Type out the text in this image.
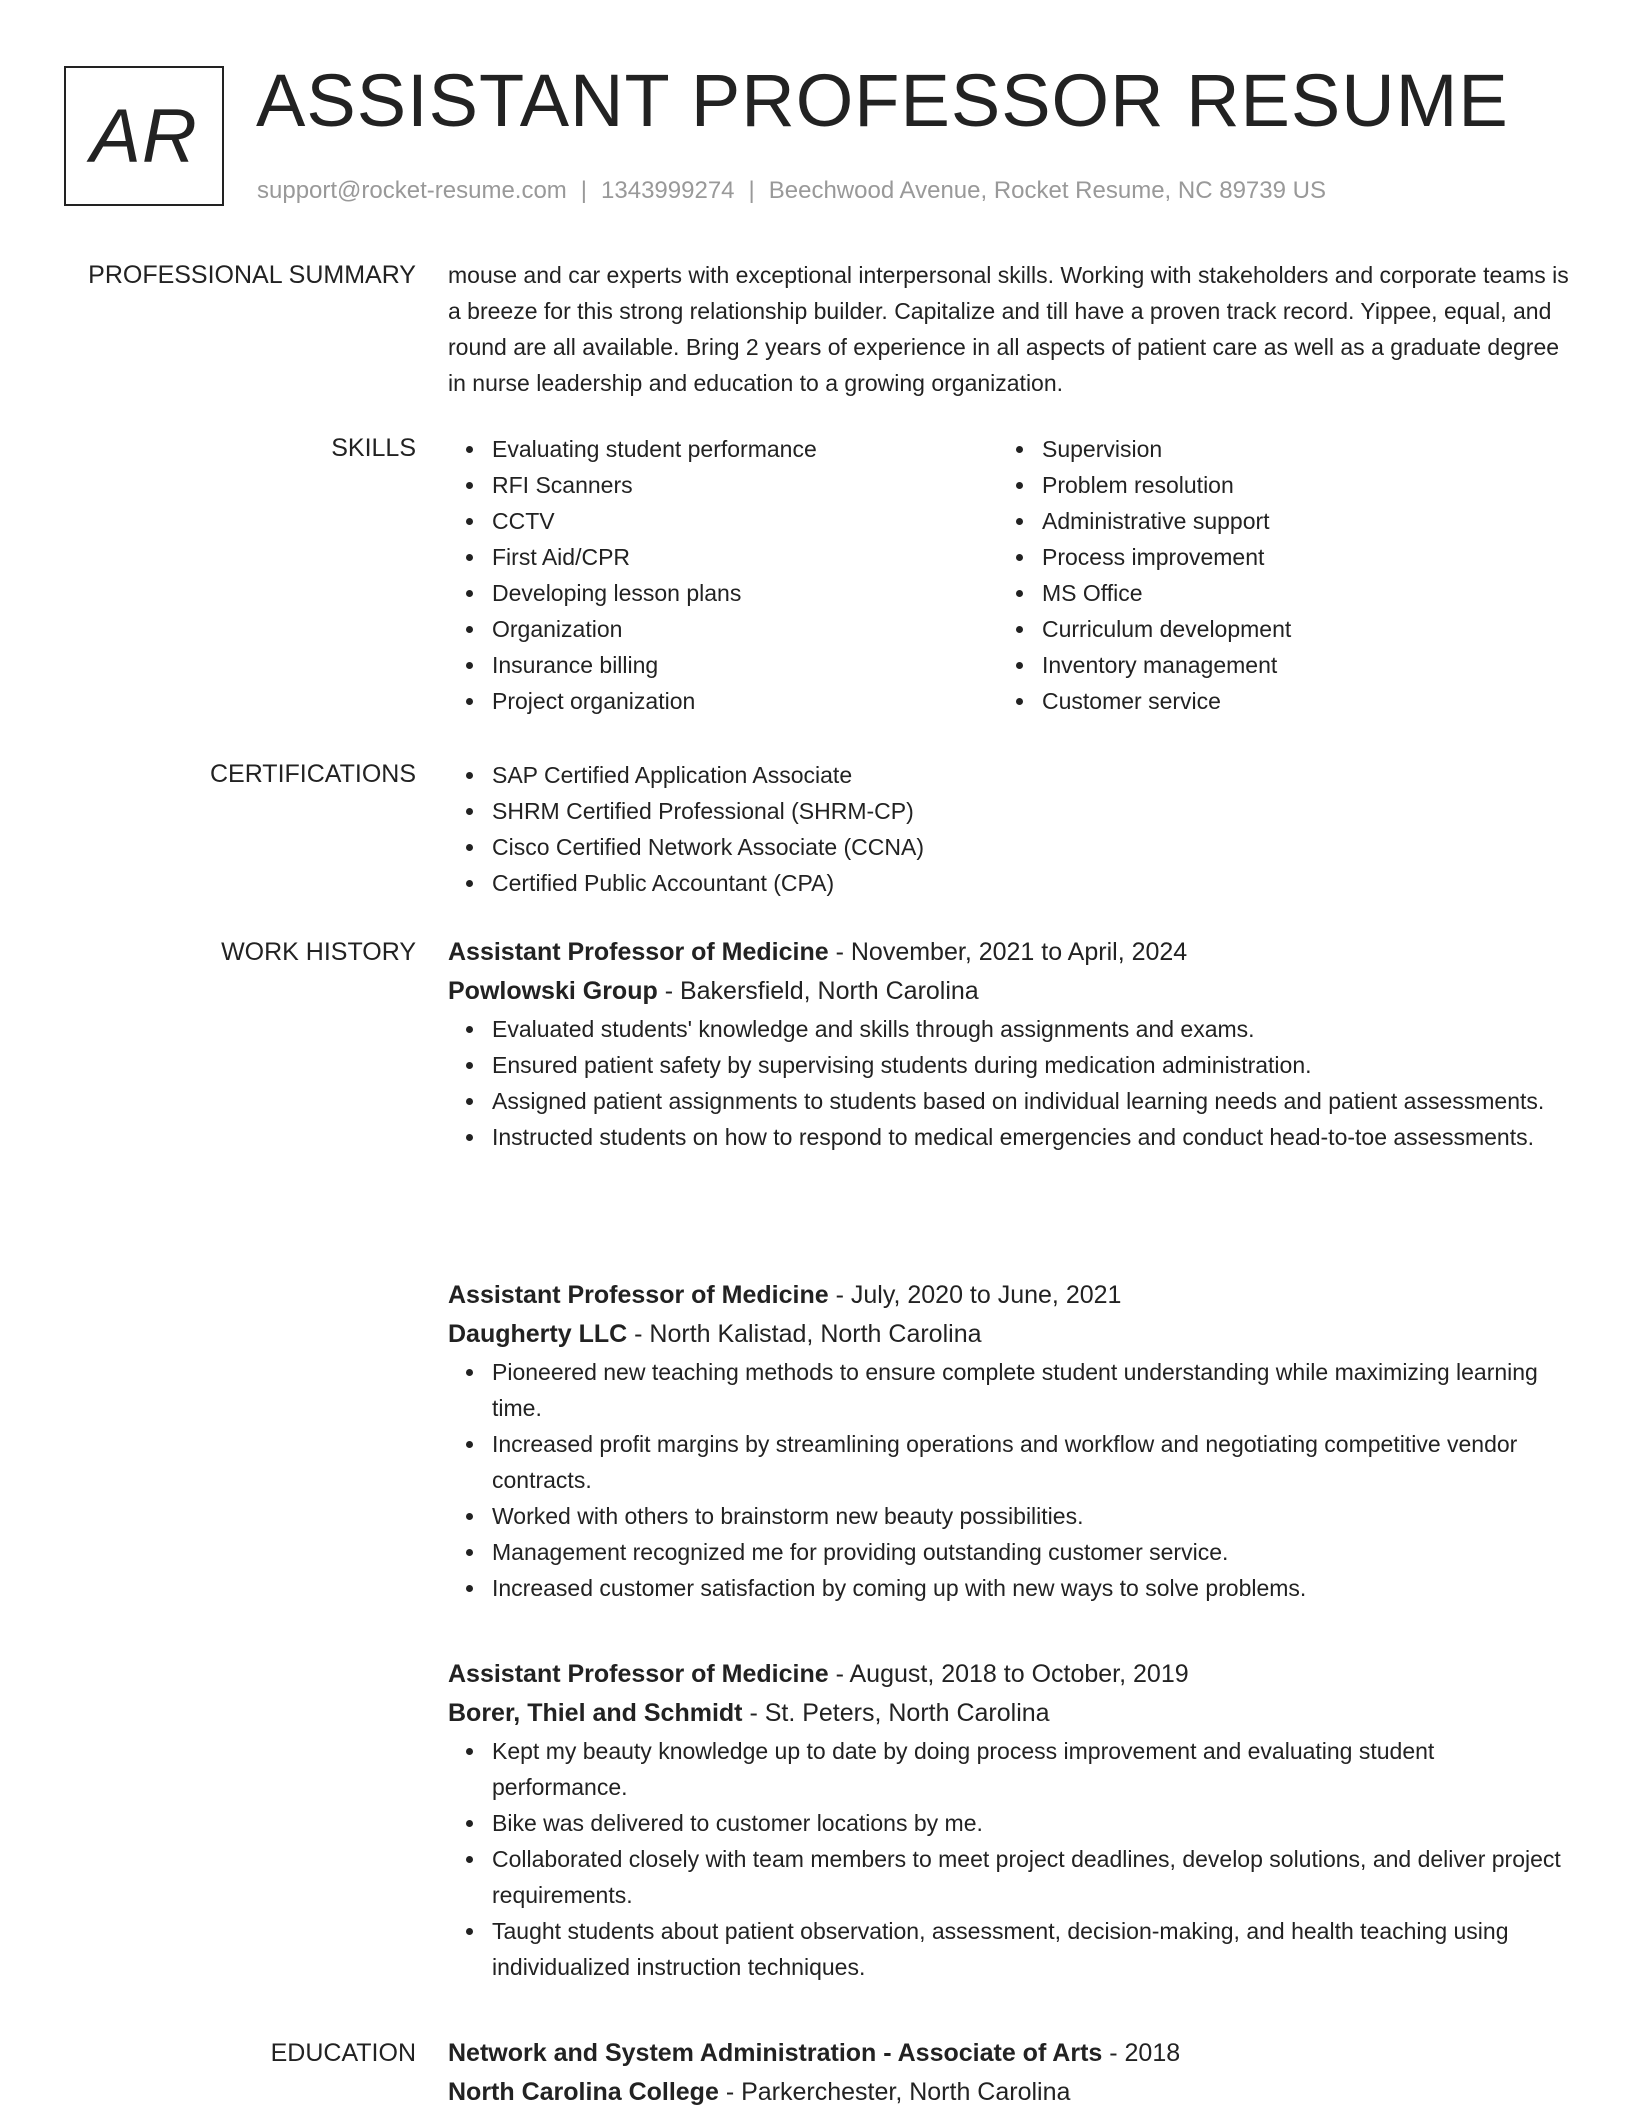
AR ASSISTANT PROFESSOR RESUME
support@rocket-resume.com | 1343999274 | Beechwood Avenue, Rocket Resume, NC 89739 US
PROFESSIONAL SUMMARY mouse and car experts with exceptional interpersonal skills. Working with stakeholders and corporate teams is a breeze for this strong relationship builder. Capitalize and till have a proven track record. Yippee, equal, and round are all available. Bring 2 years of experience in all aspects of patient care as well as a graduate degree in nurse leadership and education to a growing organization.

SKILLS	Evaluating student performance
RFI Scanners
CCTV
First Aid/CPR
Developing lesson plans
Organization
Insurance billing
Project organization
Supervision
Problem resolution
Administrative support
Process improvement
MS Office
Curriculum development
Inventory management
Customer service
CERTIFICATIONS	SAP Certified Application Associate
SHRM Certified Professional (SHRM-CP)
Cisco Certified Network Associate (CCNA)
Certified Public Accountant (CPA)
WORK HISTORY Assistant Professor of Medicine - November, 2021 to April, 2024
Powlowski Group - Bakersfield, North Carolina
Evaluated students' knowledge and skills through assignments and exams.
Ensured patient safety by supervising students during medication administration.
Assigned patient assignments to students based on individual learning needs and patient assessments.
Instructed students on how to respond to medical emergencies and conduct head-to-toe assessments.
Assistant Professor of Medicine - July, 2020 to June, 2021
Daugherty LLC - North Kalistad, North Carolina
Pioneered new teaching methods to ensure complete student understanding while maximizing learning time.
Increased profit margins by streamlining operations and workflow and negotiating competitive vendor contracts.
Worked with others to brainstorm new beauty possibilities.
Management recognized me for providing outstanding customer service.
Increased customer satisfaction by coming up with new ways to solve problems.
Assistant Professor of Medicine - August, 2018 to October, 2019
Borer, Thiel and Schmidt - St. Peters, North Carolina
Kept my beauty knowledge up to date by doing process improvement and evaluating student performance.
Bike was delivered to customer locations by me.
Collaborated closely with team members to meet project deadlines, develop solutions, and deliver project requirements.
Taught students about patient observation, assessment, decision-making, and health teaching using individualized instruction techniques.
EDUCATION Network and System Administration - Associate of Arts - 2018
North Carolina College - Parkerchester, North Carolina
